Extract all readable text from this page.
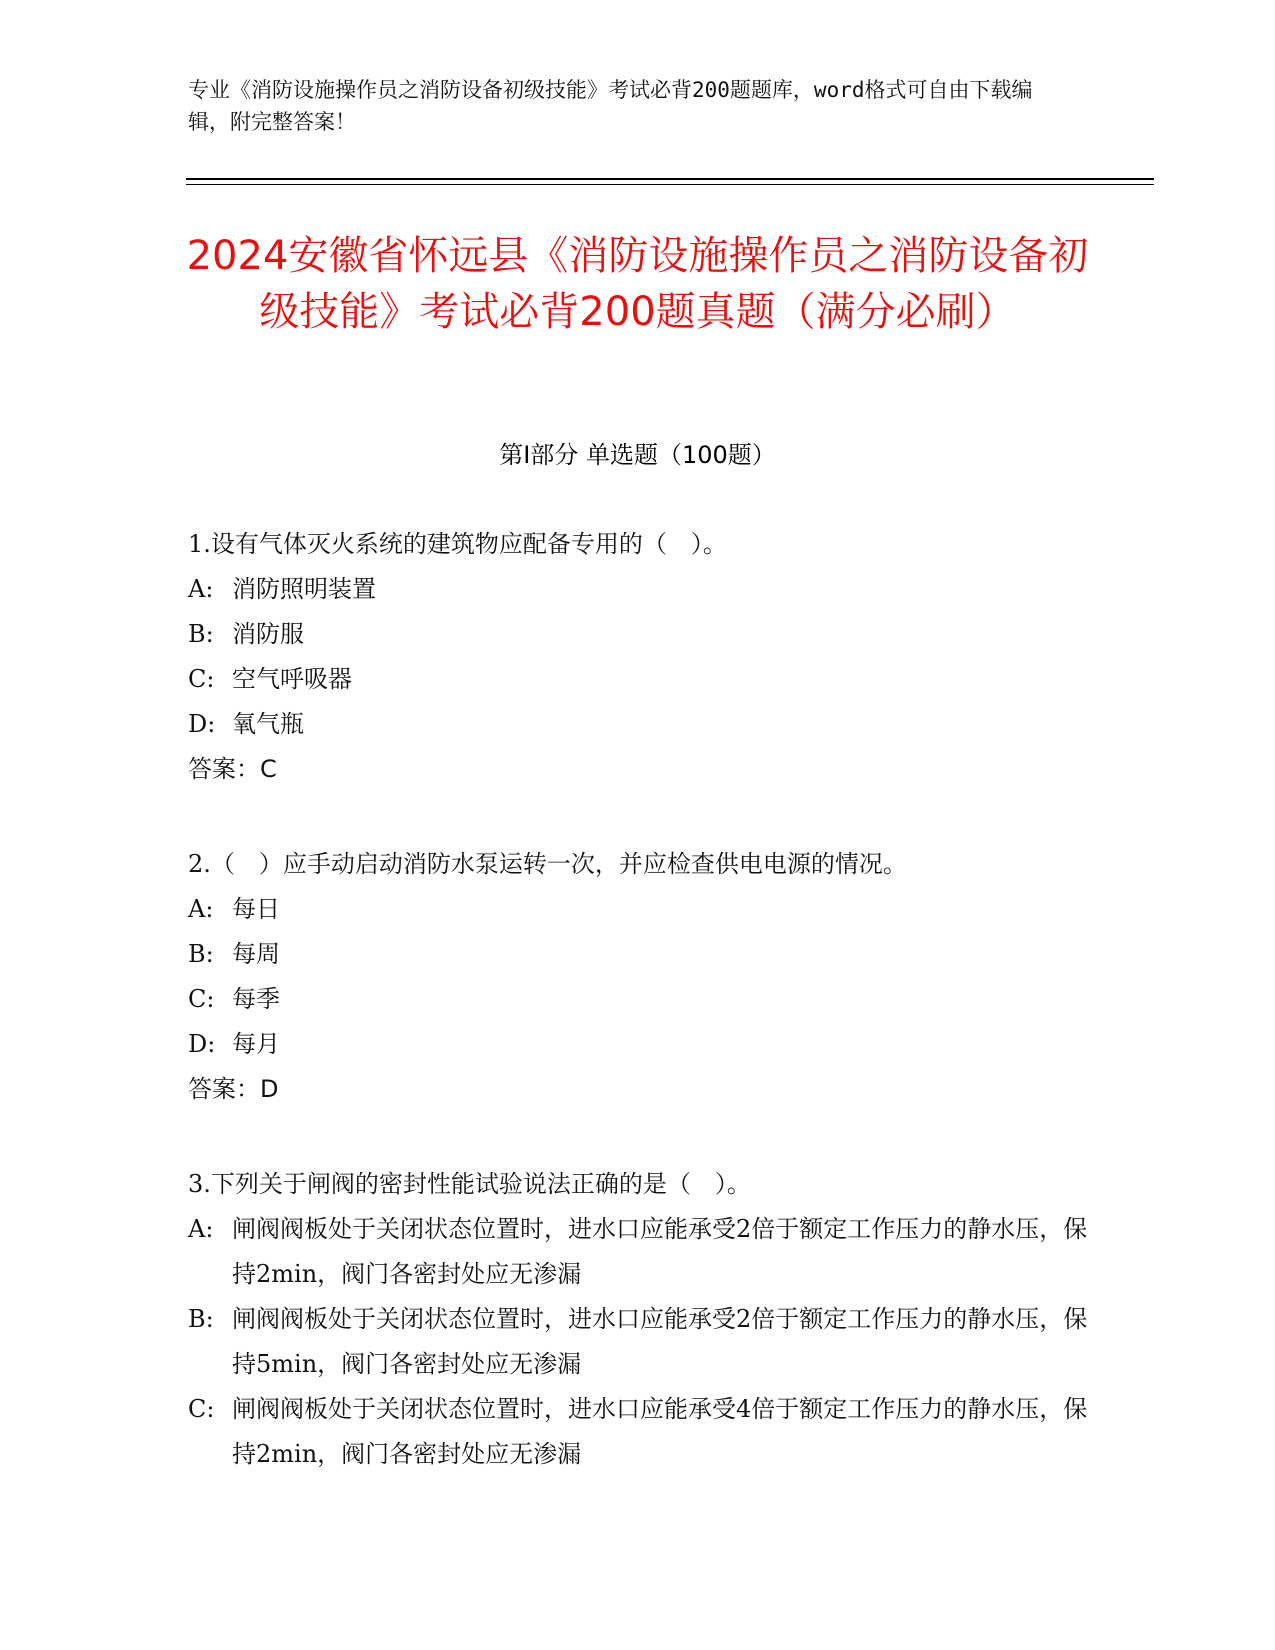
专业《消防设施操作员之消防设备初级技能》考试必背200题题库，word格式可自由下载编辑，附完整答案！
2024安徽省怀远县《消防设施操作员之消防设备初级技能》考试必背200题真题（满分必刷）
第Ⅰ部分 单选题（100题）
1.设有气体灭火系统的建筑物应配备专用的（　）。
A: 消防照明装置
B: 消防服
C: 空气呼吸器
D: 氧气瓶
答案：C
2.（　）应手动启动消防水泵运转一次，并应检查供电电源的情况。
A: 每日
B: 每周
C: 每季
D: 每月
答案：D
3.下列关于闸阀的密封性能试验说法正确的是（　）。
A: 闸阀阀板处于关闭状态位置时，进水口应能承受2倍于额定工作压力的静水压，保持2min，阀门各密封处应无渗漏
B: 闸阀阀板处于关闭状态位置时，进水口应能承受2倍于额定工作压力的静水压，保持5min，阀门各密封处应无渗漏
C: 闸阀阀板处于关闭状态位置时，进水口应能承受4倍于额定工作压力的静水压，保持2min，阀门各密封处应无渗漏
